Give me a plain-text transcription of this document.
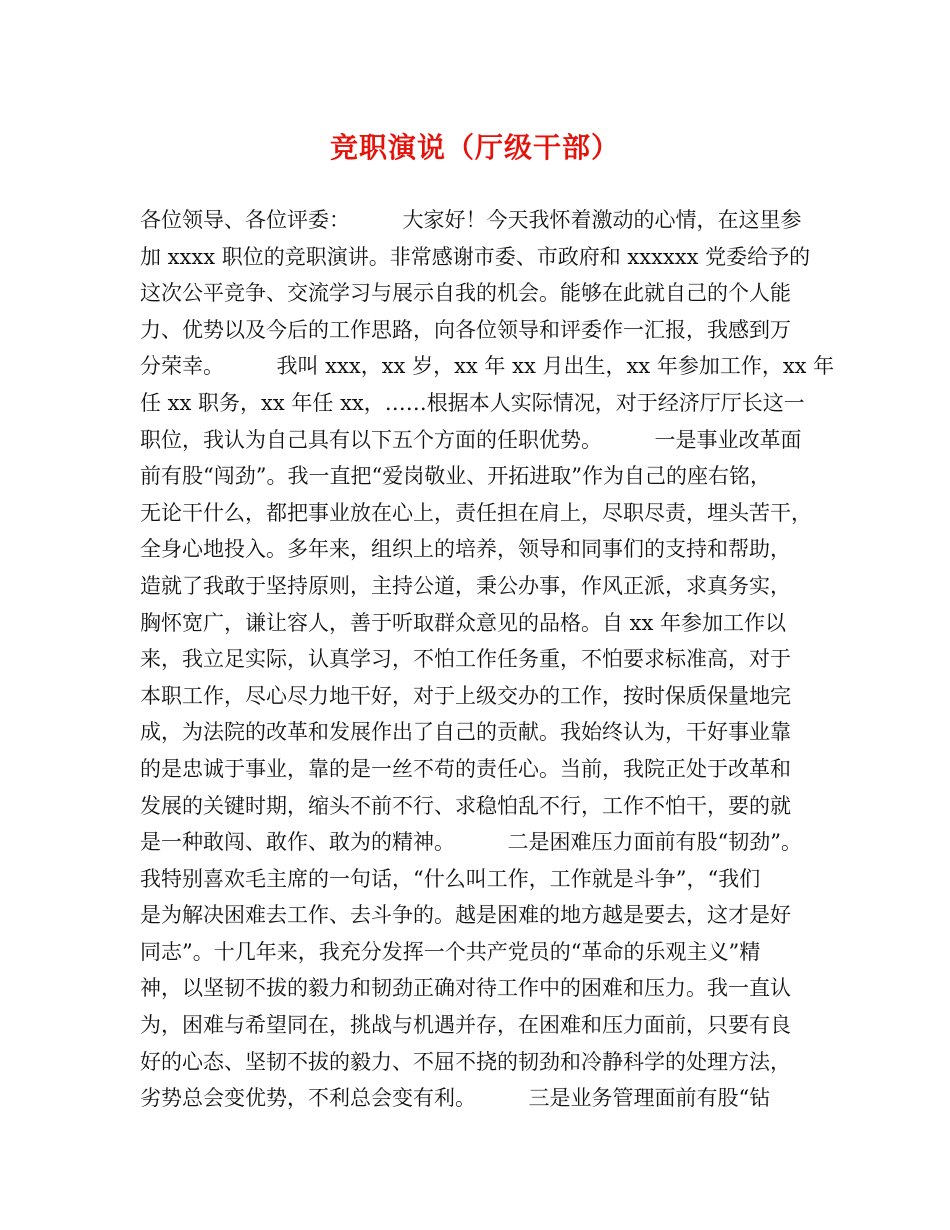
竞职演说（厅级干部）
各位领导、各位评委：　　　大家好！今天我怀着激动的心情，在这里参
加 xxxx 职位的竞职演讲。非常感谢市委、市政府和 xxxxxx 党委给予的
这次公平竞争、交流学习与展示自我的机会。能够在此就自己的个人能
力、优势以及今后的工作思路，向各位领导和评委作一汇报，我感到万
分荣幸。　　　我叫 xxx，xx 岁，xx 年 xx 月出生，xx 年参加工作，xx 年
任 xx 职务，xx 年任 xx，……根据本人实际情况，对于经济厅厅长这一
职位，我认为自己具有以下五个方面的任职优势。　　　一是事业改革面
前有股“闯劲”。我一直把“爱岗敬业、开拓进取”作为自己的座右铭，
无论干什么，都把事业放在心上，责任担在肩上，尽职尽责，埋头苦干，
全身心地投入。多年来，组织上的培养，领导和同事们的支持和帮助，
造就了我敢于坚持原则，主持公道，秉公办事，作风正派，求真务实，
胸怀宽广，谦让容人，善于听取群众意见的品格。自 xx 年参加工作以
来，我立足实际，认真学习，不怕工作任务重，不怕要求标准高，对于
本职工作，尽心尽力地干好，对于上级交办的工作，按时保质保量地完
成，为法院的改革和发展作出了自己的贡献。我始终认为，干好事业靠
的是忠诚于事业，靠的是一丝不苟的责任心。当前，我院正处于改革和
发展的关键时期，缩头不前不行、求稳怕乱不行，工作不怕干，要的就
是一种敢闯、敢作、敢为的精神。　　　二是困难压力面前有股“韧劲”。
我特别喜欢毛主席的一句话，“什么叫工作，工作就是斗争”，“我们
是为解决困难去工作、去斗争的。越是困难的地方越是要去，这才是好
同志”。十几年来，我充分发挥一个共产党员的“革命的乐观主义”精
神，以坚韧不拔的毅力和韧劲正确对待工作中的困难和压力。我一直认
为，困难与希望同在，挑战与机遇并存，在困难和压力面前，只要有良
好的心态、坚韧不拔的毅力、不屈不挠的韧劲和冷静科学的处理方法，
劣势总会变优势，不利总会变有利。　　　三是业务管理面前有股“钻
